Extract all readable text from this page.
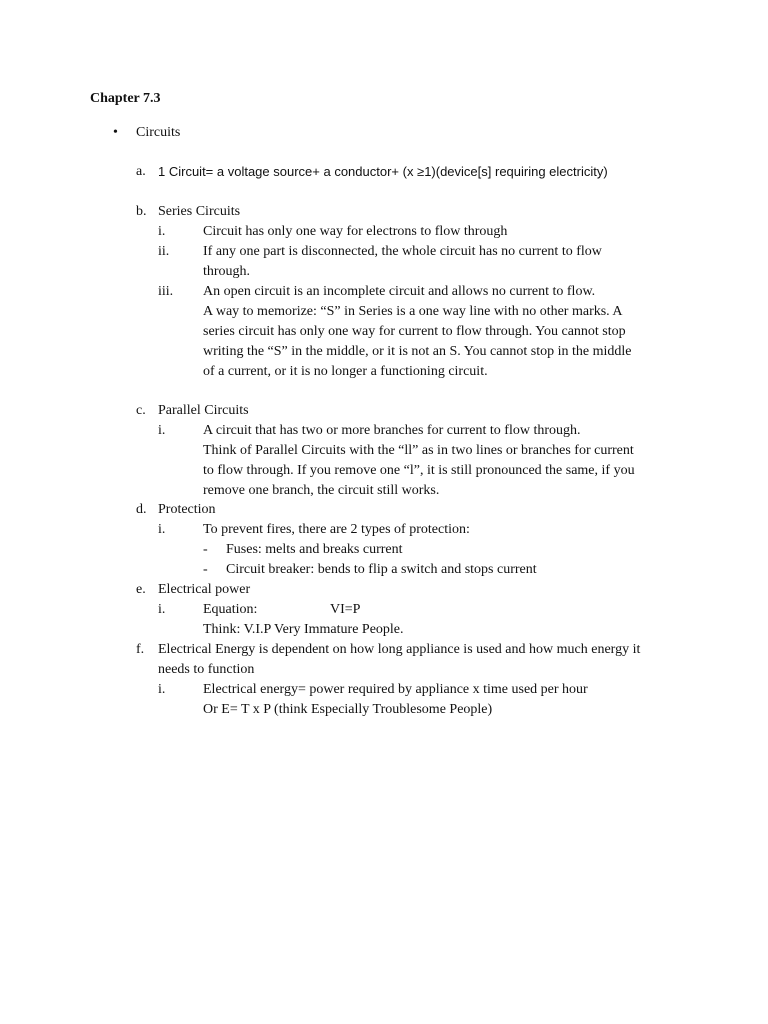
Chapter 7.3
• Circuits
a. 1 Circuit= a voltage source+ a conductor+ (x ≥1)(device[s] requiring electricity)
b. Series Circuits
i.	Circuit has only one way for electrons to flow through
ii. If any one part is disconnected, the whole circuit has no current to flow
through.
iii. An open circuit is an incomplete circuit and allows no current to flow.
A way to memorize: “S” in Series is a one way line with no other marks. A
series circuit has only one way for current to flow through. You cannot stop
writing the “S” in the middle, or it is not an S. You cannot stop in the middle
of a current, or it is no longer a functioning circuit.
c. Parallel Circuits
i.	A circuit that has two or more branches for current to flow through.
Think of Parallel Circuits with the “ll” as in two lines or branches for current
to flow through. If you remove one “l”, it is still pronounced the same, if you
remove one branch, the circuit still works.
d. Protection
i.	To prevent fires, there are 2 types of protection:
- Fuses: melts and breaks current
- Circuit breaker: bends to flip a switch and stops current
e. Electrical power
i.	Equation:	VI=P
Think: V.I.P Very Immature People.
f. Electrical Energy is dependent on how long appliance is used and how much energy it
needs to function
i.	Electrical energy= power required by appliance x time used per hour
Or E= T x P (think Especially Troublesome People)
